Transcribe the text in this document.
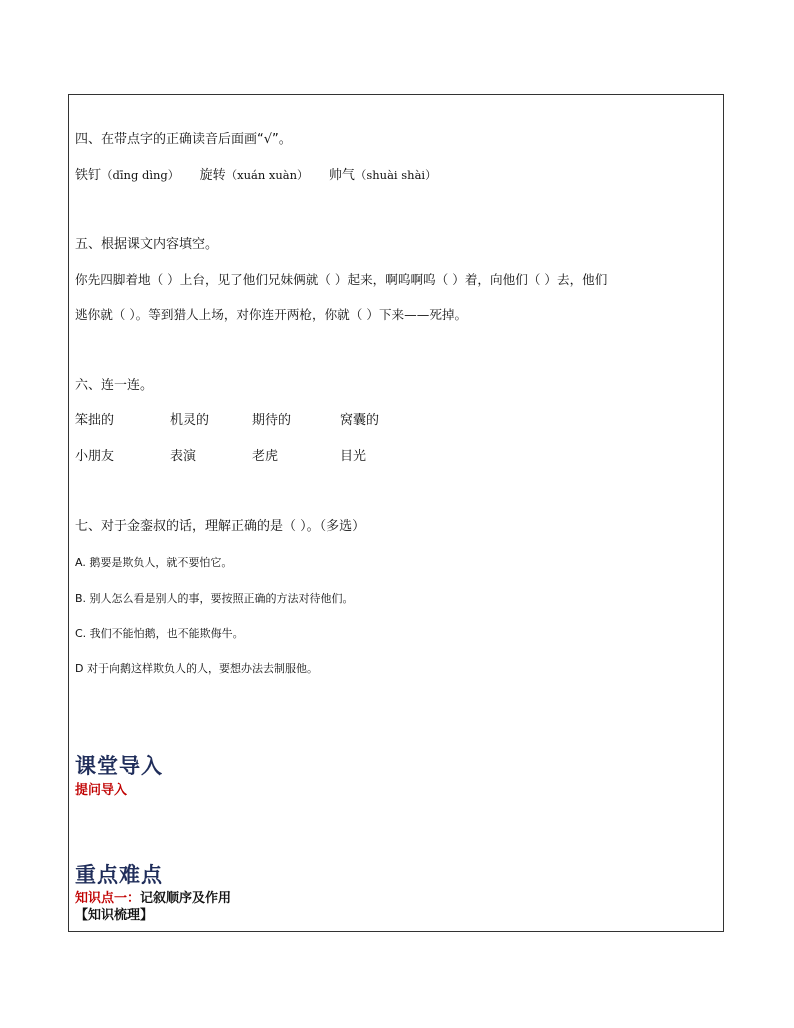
四、在带点字的正确读音后面画“√”。
铁钉（dīng dìng） 旋转（xuán xuàn） 帅气（shuài shài）
五、根据课文内容填空。
你先四脚着地（ ）上台，见了他们兄妹俩就（ ）起来，啊呜啊呜（ ）着，向他们（ ）去，他们
逃你就（ ）。等到猎人上场，对你连开两枪，你就（ ）下来——死掉。
六、连一连。
笨拙的	机灵的	期待的	窝囊的
小朋友	表演	老虎	目光
七、对于金銮叔的话，理解正确的是（ ）。（多选）
A. 鹅要是欺负人，就不要怕它。
B. 别人怎么看是别人的事，要按照正确的方法对待他们。
C. 我们不能怕鹅，也不能欺侮牛。
D 对于向鹅这样欺负人的人，要想办法去制服他。
课堂导入
提问导入
重点难点
知识点一：记叙顺序及作用
【知识梳理】
